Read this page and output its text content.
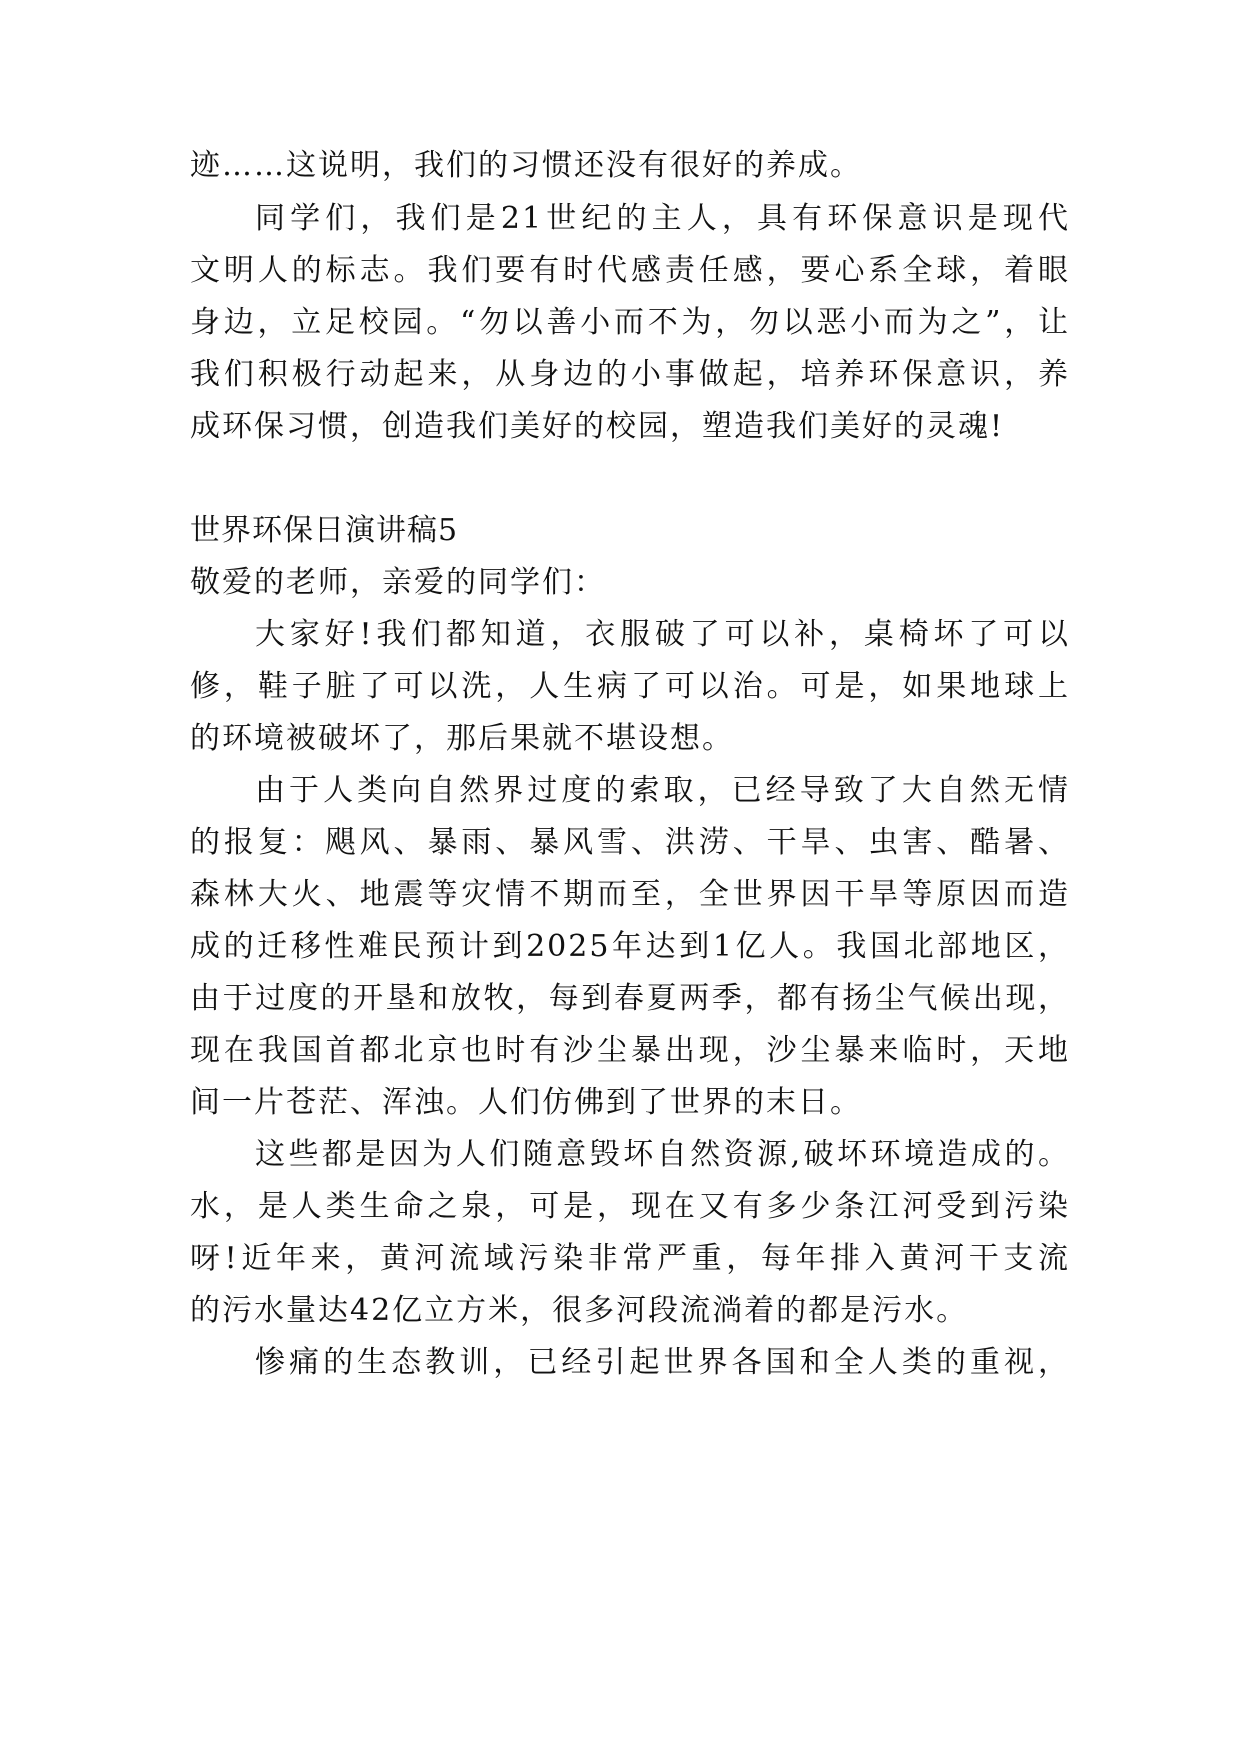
迹……这说明，我们的习惯还没有很好的养成。
同学们，我们是21世纪的主人，具有环保意识是现代
文明人的标志。我们要有时代感责任感，要心系全球，着眼
身边，立足校园。“勿以善小而不为，勿以恶小而为之”，让
我们积极行动起来，从身边的小事做起，培养环保意识，养
成环保习惯，创造我们美好的校园，塑造我们美好的灵魂!
世界环保日演讲稿5
敬爱的老师，亲爱的同学们：
大家好!我们都知道，衣服破了可以补，桌椅坏了可以
修，鞋子脏了可以洗，人生病了可以治。可是，如果地球上
的环境被破坏了，那后果就不堪设想。
由于人类向自然界过度的索取，已经导致了大自然无情
的报复：飓风、暴雨、暴风雪、洪涝、干旱、虫害、酷暑、
森林大火、地震等灾情不期而至，全世界因干旱等原因而造
成的迁移性难民预计到2025年达到1亿人。我国北部地区，
由于过度的开垦和放牧，每到春夏两季，都有扬尘气候出现，
现在我国首都北京也时有沙尘暴出现，沙尘暴来临时，天地
间一片苍茫、浑浊。人们仿佛到了世界的末日。
这些都是因为人们随意毁坏自然资源,破坏环境造成的。
水，是人类生命之泉，可是，现在又有多少条江河受到污染
呀!近年来，黄河流域污染非常严重，每年排入黄河干支流
的污水量达42亿立方米，很多河段流淌着的都是污水。
惨痛的生态教训，已经引起世界各国和全人类的重视，
